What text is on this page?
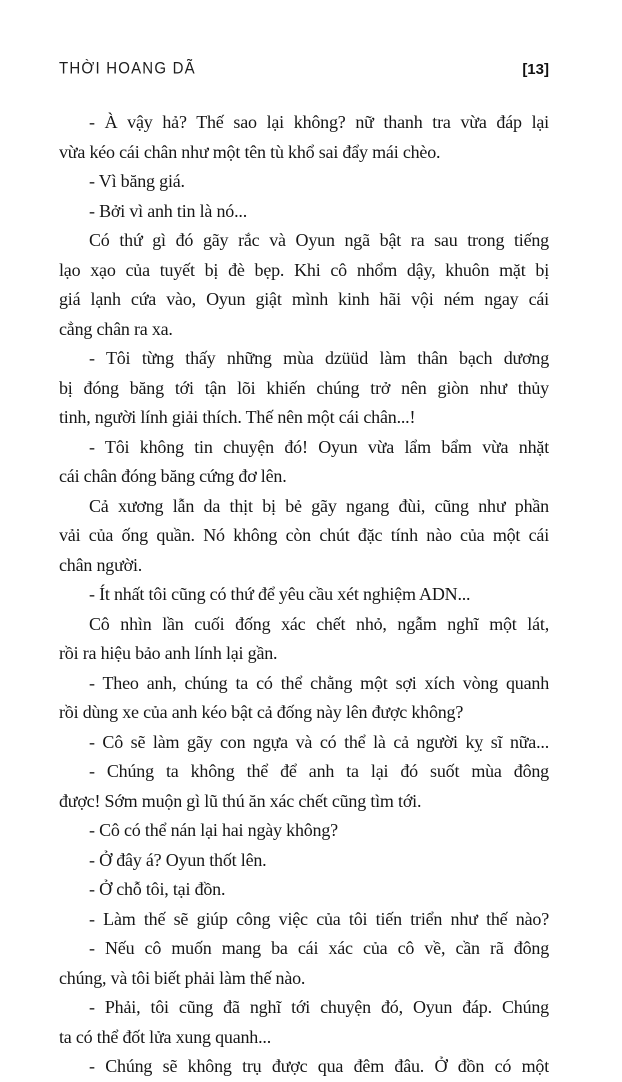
THỜI HOANG DÃ	[13]
- À vậy hả? Thế sao lại không? nữ thanh tra vừa đáp lại
vừa kéo cái chân như một tên tù khổ sai đẩy mái chèo.
- Vì băng giá.
- Bởi vì anh tin là nó...
Có thứ gì đó gãy rắc và Oyun ngã bật ra sau trong tiếng
lạo xạo của tuyết bị đè bẹp. Khi cô nhổm dậy, khuôn mặt bị
giá lạnh cứa vào, Oyun giật mình kinh hãi vội ném ngay cái
cẳng chân ra xa.
- Tôi từng thấy những mùa dzüüd làm thân bạch dương
bị đóng băng tới tận lõi khiến chúng trở nên giòn như thủy
tinh, người lính giải thích. Thế nên một cái chân...!
- Tôi không tin chuyện đó! Oyun vừa lẩm bẩm vừa nhặt
cái chân đóng băng cứng đơ lên.
Cả xương lẫn da thịt bị bẻ gãy ngang đùi, cũng như phần
vải của ống quần. Nó không còn chút đặc tính nào của một cái
chân người.
- Ít nhất tôi cũng có thứ để yêu cầu xét nghiệm ADN...
Cô nhìn lần cuối đống xác chết nhỏ, ngẫm nghĩ một lát,
rồi ra hiệu bảo anh lính lại gần.
- Theo anh, chúng ta có thể chằng một sợi xích vòng quanh
rồi dùng xe của anh kéo bật cả đống này lên được không?
- Cô sẽ làm gãy con ngựa và có thể là cả người kỵ sĩ nữa...
- Chúng ta không thể để anh ta lại đó suốt mùa đông
được! Sớm muộn gì lũ thú ăn xác chết cũng tìm tới.
- Cô có thể nán lại hai ngày không?
- Ở đây á? Oyun thốt lên.
- Ở chỗ tôi, tại đồn.
- Làm thế sẽ giúp công việc của tôi tiến triển như thế nào?
- Nếu cô muốn mang ba cái xác của cô về, cần rã đông
chúng, và tôi biết phải làm thế nào.
- Phải, tôi cũng đã nghĩ tới chuyện đó, Oyun đáp. Chúng
ta có thể đốt lửa xung quanh...
- Chúng sẽ không trụ được qua đêm đâu. Ở đồn có một
